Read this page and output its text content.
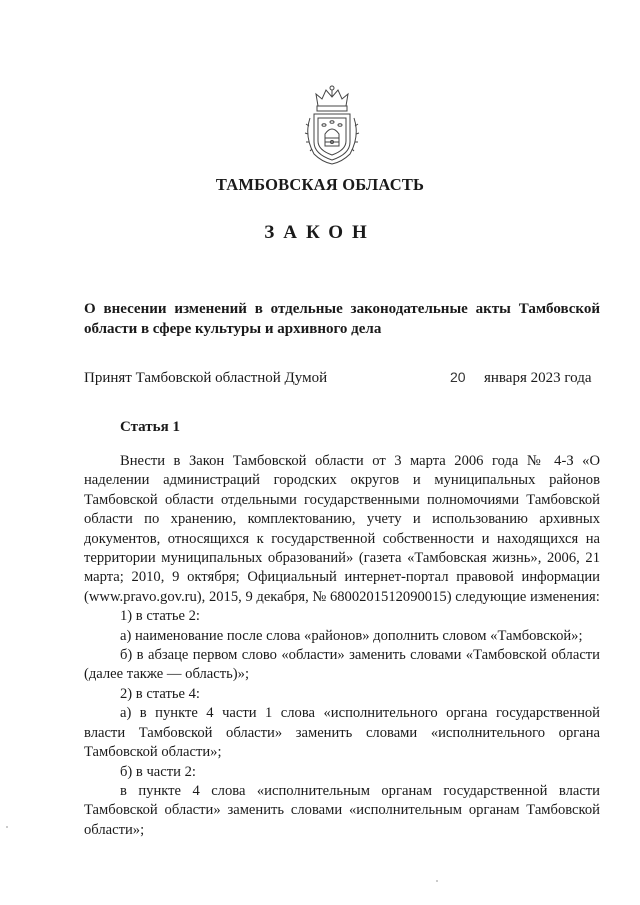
ТАМБОВСКАЯ ОБЛАСТЬ
ЗАКОН
О внесении изменений в отдельные законодательные акты Тамбовской области в сфере культуры и архивного дела
Принят Тамбовской областной Думой	20 января 2023 года
Статья 1

Внести в Закон Тамбовской области от 3 марта 2006 года № 4-З «О наделении администраций городских округов и муниципальных районов Тамбовской области отдельными государственными полномочиями Тамбовской области по хранению, комплектованию, учету и использованию архивных документов, относящихся к государственной собственности и находящихся на территории муниципальных образований» (газета «Тамбовская жизнь», 2006, 21 марта; 2010, 9 октября; Официальный интернет-портал правовой информации (www.pravo.gov.ru), 2015, 9 декабря, № 6800201512090015) следующие изменения:

1) в статье 2:

а) наименование после слова «районов» дополнить словом «Тамбовской»;

б) в абзаце первом слово «области» заменить словами «Тамбовской области (далее также — область)»;

2) в статье 4:

а) в пункте 4 части 1 слова «исполнительного органа государственной власти Тамбовской области» заменить словами «исполнительного органа Тамбовской области»;

б) в части 2:

в пункте 4 слова «исполнительным органам государственной власти Тамбовской области» заменить словами «исполнительным органам Тамбовской области»;
